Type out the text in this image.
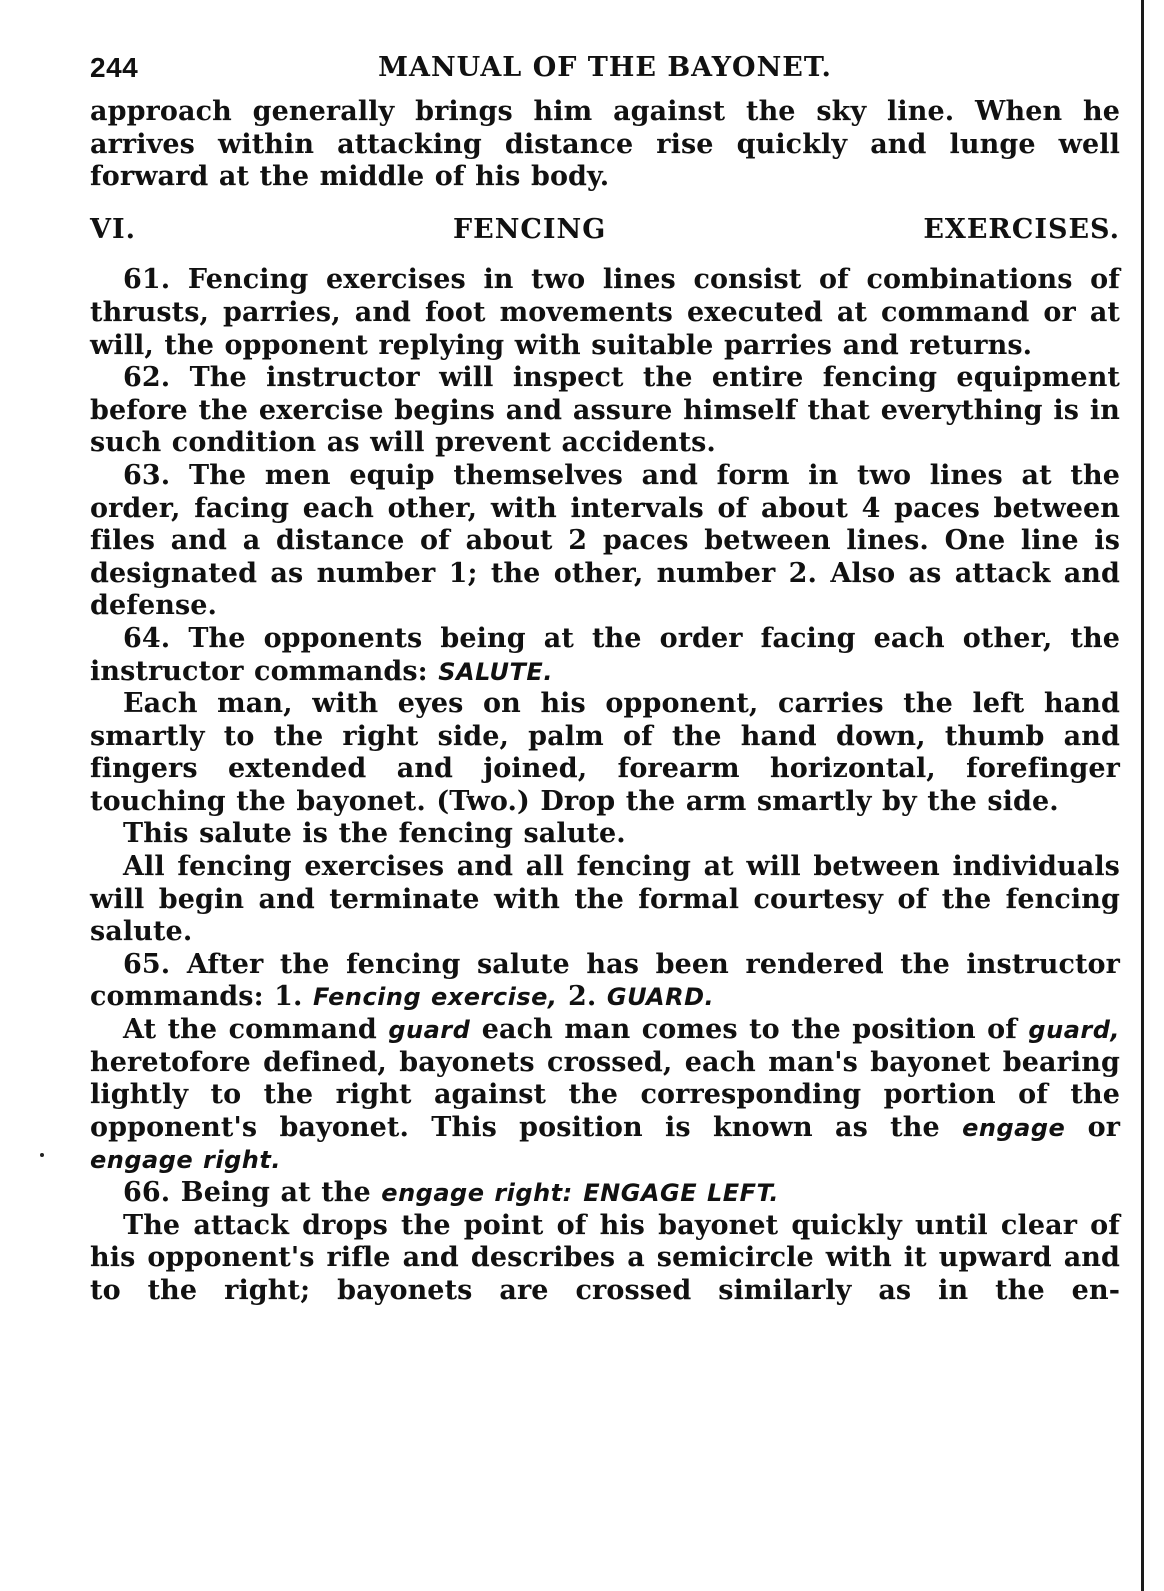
244	MANUAL OF THE BAYONET.

approach generally brings him against the sky line. When he arrives within attacking distance rise quickly and lunge well forward at the middle of his body.

VI. FENCING EXERCISES.

61. Fencing exercises in two lines consist of combinations of thrusts, parries, and foot movements executed at command or at will, the opponent replying with suitable parries and returns.

62. The instructor will inspect the entire fencing equipment before the exercise begins and assure himself that everything is in such condition as will prevent accidents.

63. The men equip themselves and form in two lines at the order, facing each other, with intervals of about 4 paces between files and a distance of about 2 paces between lines. One line is designated as number 1; the other, number 2. Also as attack and defense.

64. The opponents being at the order facing each other, the instructor commands: SALUTE.

Each man, with eyes on his opponent, carries the left hand smartly to the right side, palm of the hand down, thumb and fingers extended and joined, forearm horizontal, forefinger touching the bayonet. (Two.) Drop the arm smartly by the side.

This salute is the fencing salute.

All fencing exercises and all fencing at will between individuals will begin and terminate with the formal courtesy of the fencing salute.

65. After the fencing salute has been rendered the instructor commands: 1. Fencing exercise, 2. GUARD.

At the command guard each man comes to the position of guard, heretofore defined, bayonets crossed, each man's bayonet bearing lightly to the right against the corresponding portion of the opponent's bayonet. This position is known as the engage or engage right.

66. Being at the engage right: ENGAGE LEFT.

The attack drops the point of his bayonet quickly until clear of his opponent's rifle and describes a semicircle with it upward and to the right; bayonets are crossed similarly as in the en-
